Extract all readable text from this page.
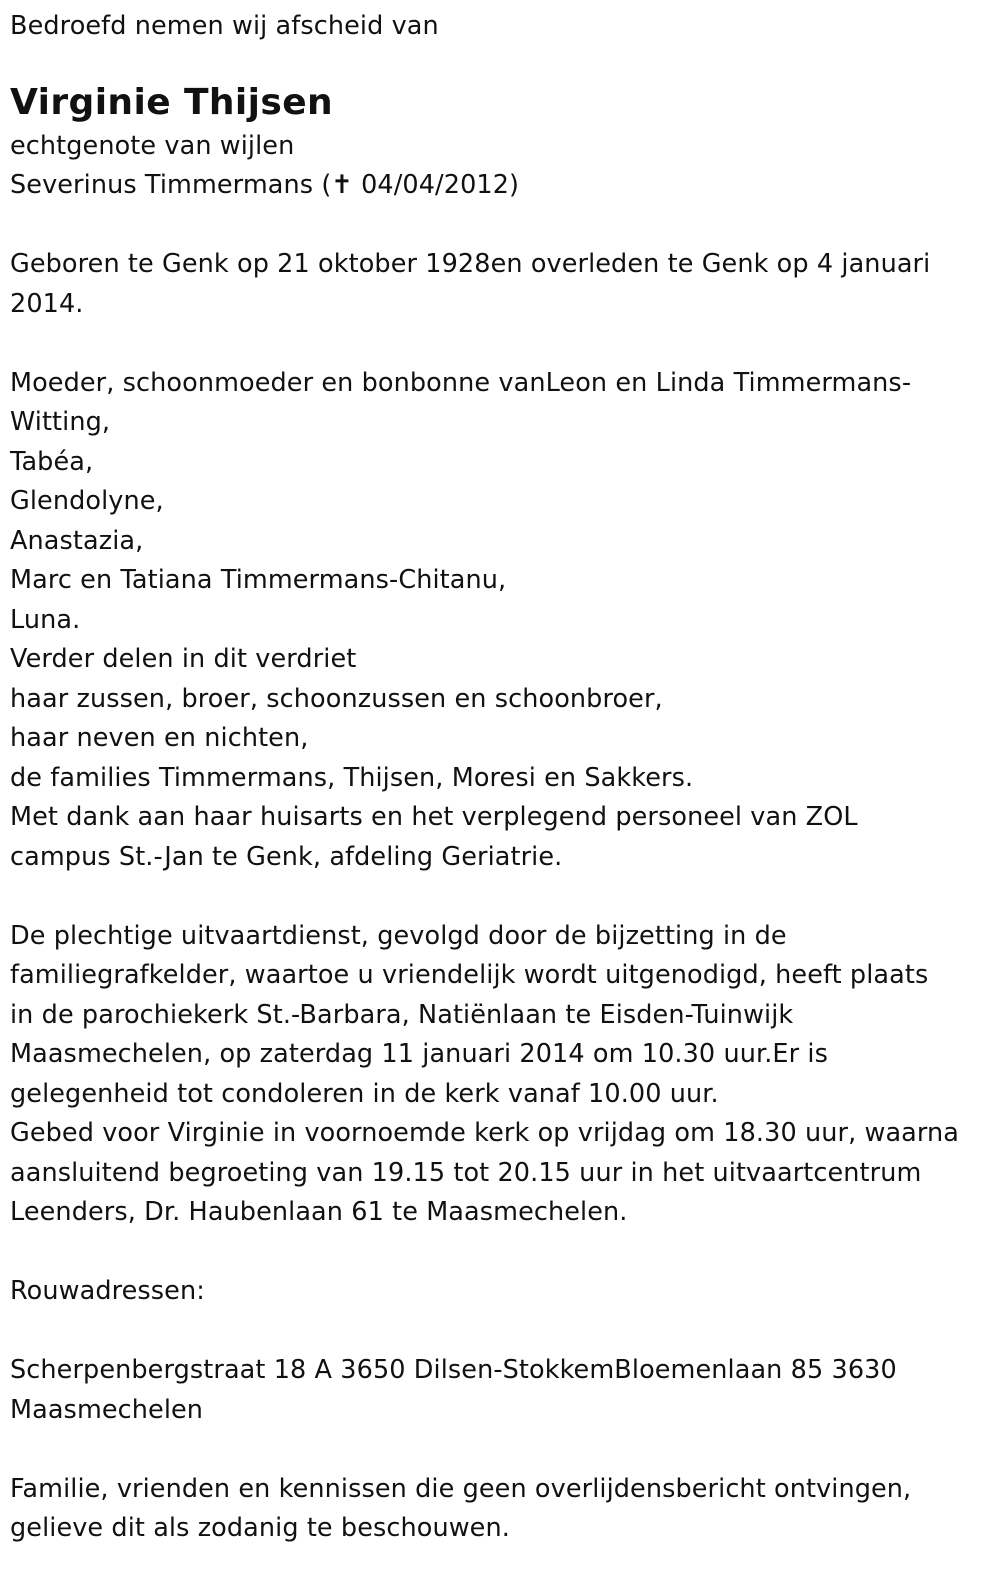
Bedroefd nemen wij afscheid van
Virginie Thijsen
echtgenote van wijlen
Severinus Timmermans (✝ 04/04/2012)
Geboren te Genk op 21 oktober 1928en overleden te Genk op 4 januari
2014.
Moeder, schoonmoeder en bonbonne vanLeon en Linda Timmermans-
Witting,
Tabéa,
Glendolyne,
Anastazia,
Marc en Tatiana Timmermans-Chitanu,
Luna.
Verder delen in dit verdriet
haar zussen, broer, schoonzussen en schoonbroer,
haar neven en nichten,
de families Timmermans, Thijsen, Moresi en Sakkers.
Met dank aan haar huisarts en het verplegend personeel van ZOL
campus St.-Jan te Genk, afdeling Geriatrie.
De plechtige uitvaartdienst, gevolgd door de bijzetting in de
familiegrafkelder, waartoe u vriendelijk wordt uitgenodigd, heeft plaats
in de parochiekerk St.-Barbara, Natiënlaan te Eisden-Tuinwijk
Maasmechelen, op zaterdag 11 januari 2014 om 10.30 uur.Er is
gelegenheid tot condoleren in de kerk vanaf 10.00 uur.
Gebed voor Virginie in voornoemde kerk op vrijdag om 18.30 uur, waarna
aansluitend begroeting van 19.15 tot 20.15 uur in het uitvaartcentrum
Leenders, Dr. Haubenlaan 61 te Maasmechelen.
Rouwadressen:
Scherpenbergstraat 18 A 3650 Dilsen-StokkemBloemenlaan 85 3630
Maasmechelen
Familie, vrienden en kennissen die geen overlijdensbericht ontvingen,
gelieve dit als zodanig te beschouwen.
